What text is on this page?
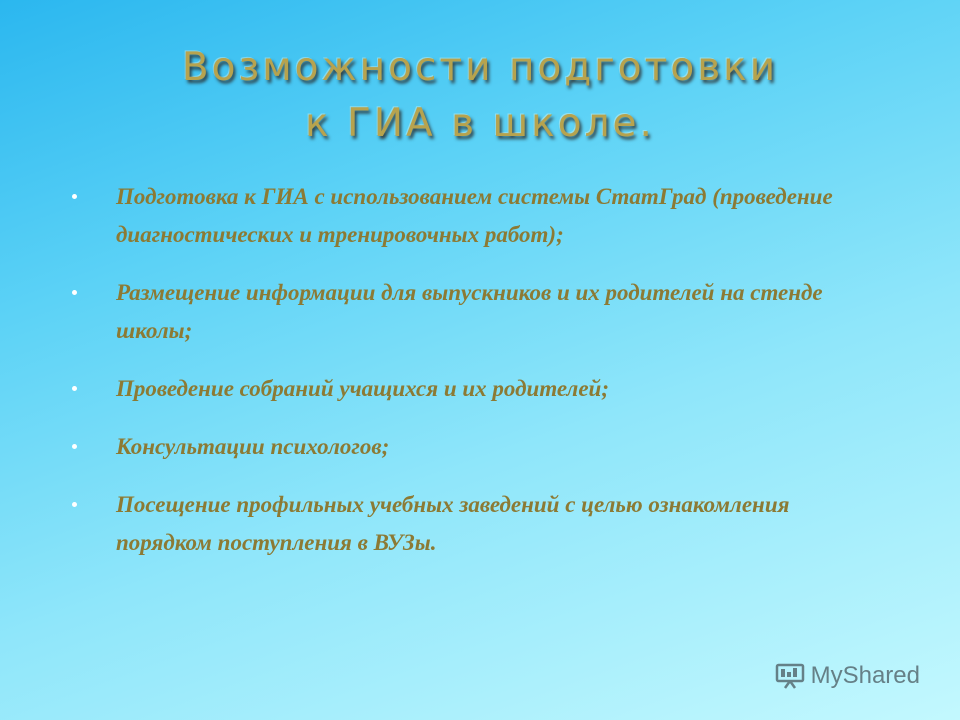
Возможности подготовки
к ГИА в школе.
Подготовка к ГИА с использованием системы СтатГрад (проведение диагностических и тренировочных работ);
Размещение информации для выпускников и их родителей на стенде школы;
Проведение собраний учащихся и их родителей;
Консультации психологов;
Посещение профильных учебных заведений с целью ознакомления порядком поступления в ВУЗы.
MyShared
